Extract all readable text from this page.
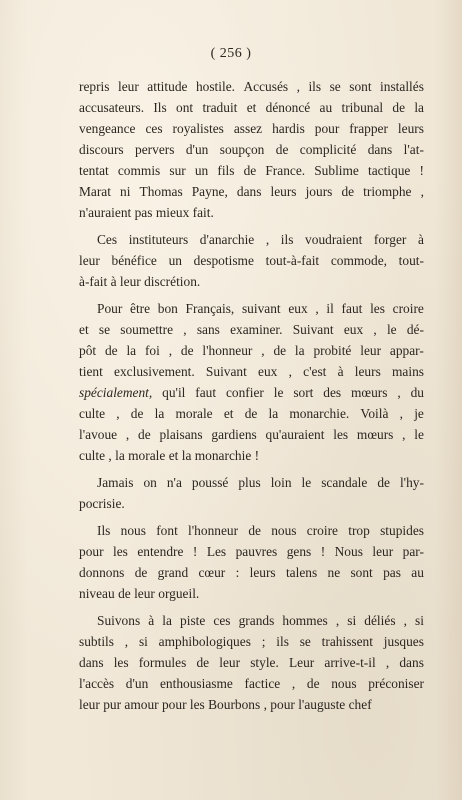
( 256 )
repris leur attitude hostile. Accusés , ils se sont installés
accusateurs. Ils ont traduit et dénoncé au tribunal de la
vengeance ces royalistes assez hardis pour frapper leurs
discours pervers d'un soupçon de complicité dans l'at-
tentat commis sur un fils de France. Sublime tactique !
Marat ni Thomas Payne, dans leurs jours de triomphe ,
n'auraient
pas
mieux
fait.
Ces instituteurs d'anarchie , ils voudraient forger à
leur bénéfice un despotisme tout-à-fait commode, tout-
à-fait
à
leur
discrétion.
Pour être bon Français, suivant eux , il faut les croire
et se soumettre , sans examiner. Suivant eux , le dé-
pôt de la foi , de l'honneur , de la probité leur appar-
tient exclusivement. Suivant eux , c'est à leurs mains
spécialement, qu'il faut confier le sort des mœurs , du
culte , de la morale et de la monarchie. Voilà , je
l'avoue , de plaisans gardiens qu'auraient les mœurs , le
culte
,
la
morale
et
la
monarchie
!
Jamais on n'a poussé plus loin le scandale de l'hy-
pocrisie.
Ils nous font l'honneur de nous croire trop stupides
pour les entendre ! Les pauvres gens ! Nous leur par-
donnons de grand cœur : leurs talens ne sont pas au
niveau
de
leur
orgueil.
Suivons à la piste ces grands hommes , si déliés , si
subtils , si amphibologiques ; ils se trahissent jusques
dans les formules de leur style. Leur arrive-t-il , dans
l'accès d'un enthousiasme factice , de nous préconiser
leur
pur
amour
pour
les
Bourbons
,
pour
l'auguste
chef
